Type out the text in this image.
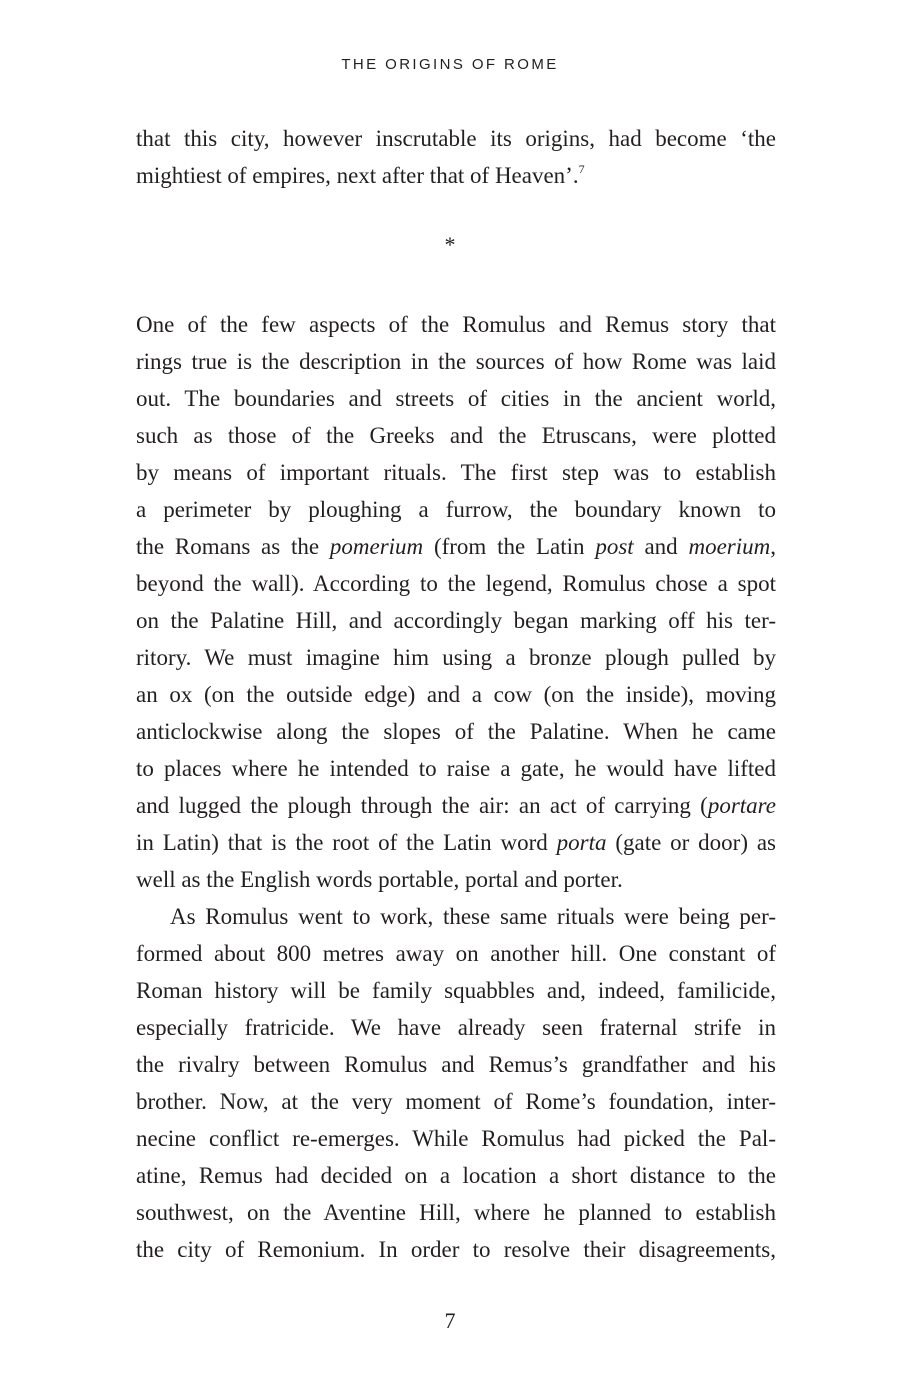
THE ORIGINS OF ROME
that this city, however inscrutable its origins, had become ‘the
mightiest of empires, next after that of Heaven’.$^7$
*
One of the few aspects of the Romulus and Remus story that
rings true is the description in the sources of how Rome was laid
out. The boundaries and streets of cities in the ancient world,
such as those of the Greeks and the Etruscans, were plotted
by means of important rituals. The first step was to establish
a perimeter by ploughing a furrow, the boundary known to
the Romans as the pomerium (from the Latin post and moerium,
beyond the wall). According to the legend, Romulus chose a spot
on the Palatine Hill, and accordingly began marking off his ter-
ritory. We must imagine him using a bronze plough pulled by
an ox (on the outside edge) and a cow (on the inside), moving
anticlockwise along the slopes of the Palatine. When he came
to places where he intended to raise a gate, he would have lifted
and lugged the plough through the air: an act of carrying (portare
in Latin) that is the root of the Latin word porta (gate or door) as
well as the English words portable, portal and porter.
As Romulus went to work, these same rituals were being per-
formed about 800 metres away on another hill. One constant of
Roman history will be family squabbles and, indeed, familicide,
especially fratricide. We have already seen fraternal strife in
the rivalry between Romulus and Remus’s grandfather and his
brother. Now, at the very moment of Rome’s foundation, inter-
necine conflict re-emerges. While Romulus had picked the Pal-
atine, Remus had decided on a location a short distance to the
southwest, on the Aventine Hill, where he planned to establish
the city of Remonium. In order to resolve their disagreements,
7
